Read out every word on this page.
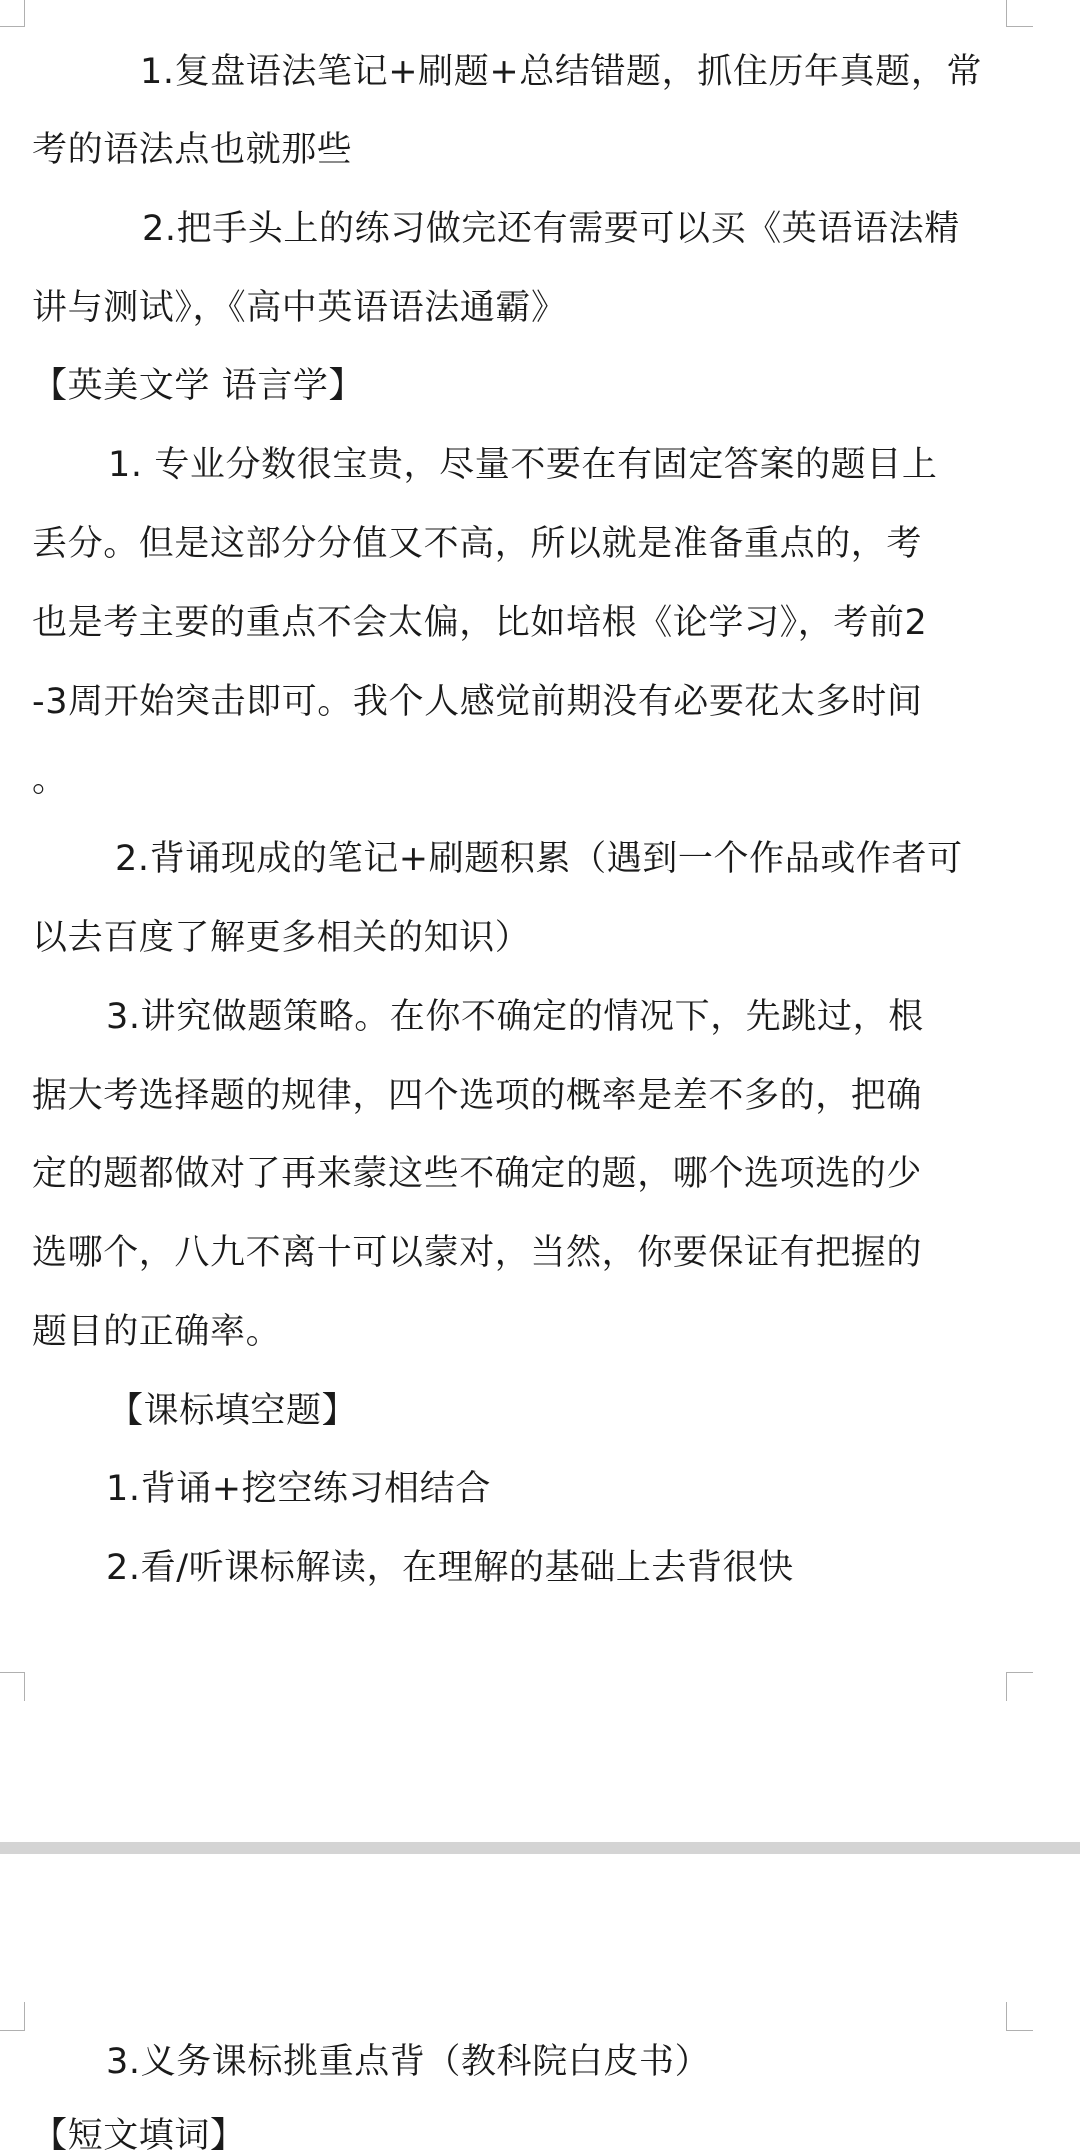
1.复盘语法笔记+刷题+总结错题，抓住历年真题，常
考的语法点也就那些
2.把手头上的练习做完还有需要可以买《英语语法精
讲与测试》，《高中英语语法通霸》
【英美文学 语言学】
1. 专业分数很宝贵，尽量不要在有固定答案的题目上
丢分。但是这部分分值又不高，所以就是准备重点的，考
也是考主要的重点不会太偏，比如培根《论学习》，考前2
-3周开始突击即可。我个人感觉前期没有必要花太多时间
。
2.背诵现成的笔记+刷题积累（遇到一个作品或作者可
以去百度了解更多相关的知识）
3.讲究做题策略。在你不确定的情况下，先跳过，根
据大考选择题的规律，四个选项的概率是差不多的，把确
定的题都做对了再来蒙这些不确定的题，哪个选项选的少
选哪个，八九不离十可以蒙对，当然，你要保证有把握的
题目的正确率。
【课标填空题】
1.背诵+挖空练习相结合
2.看/听课标解读，在理解的基础上去背很快
3.义务课标挑重点背（教科院白皮书）
【短文填词】
